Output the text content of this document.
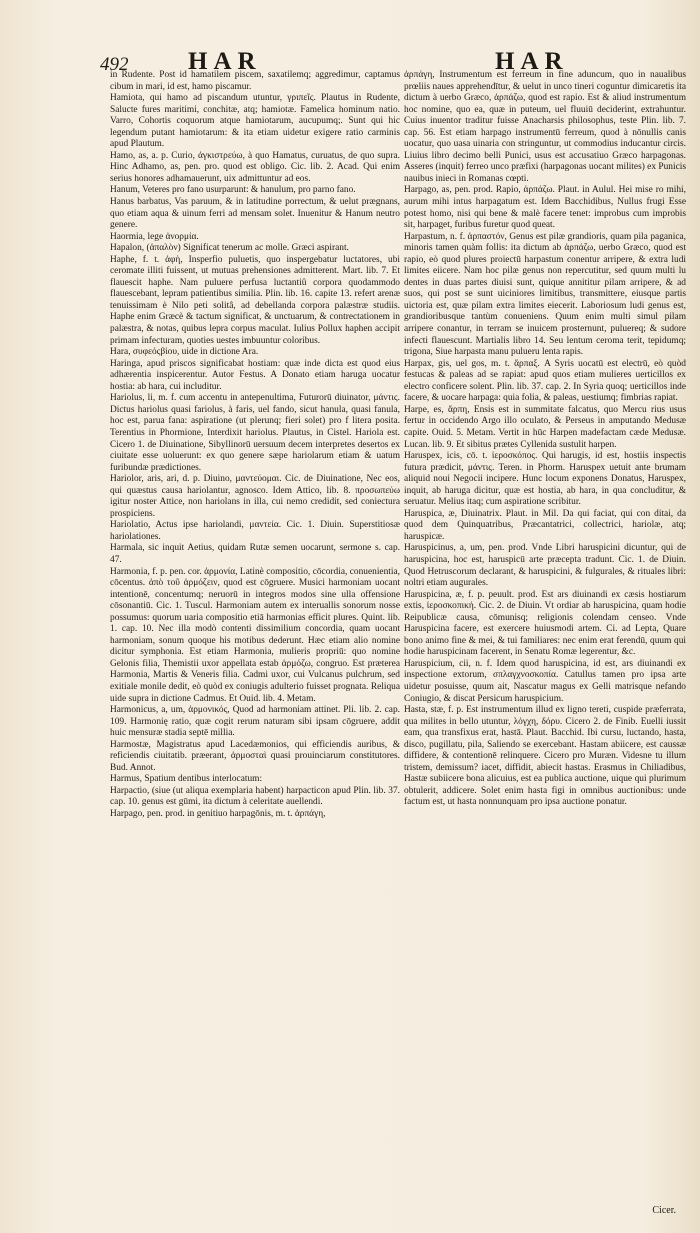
492 HAR	HAR

in Rudente. Post id hamatilem piscem, saxatilemq; aggredimur, captamus cibum in mari, id est, hamo piscamur.

Hamiota, qui hamo ad piscandum utuntur, γριπεῖς. Plautus in Rudente, Salucte fures maritimi, conchitæ, atq; hamiotæ. Famelica hominum natio. Varro, Cohortis coquorum atque hamiotarum, aucupumq;. Sunt qui hic legendum putant hamiotarum: & ita etiam uidetur exigere ratio carminis apud Plautum.

Hamo, as, a. p. Curio, ἀγκιστρεύω, à quo Hamatus, curuatus, de quo supra. Hinc Adhamo, as, pen. pro. quod est obligo. Cic. lib. 2. Acad. Qui enim serius honores adhamauerunt, uix admittuntur ad eos.

Hanum, Veteres pro fano usurparunt: & hanulum, pro parno fano.

Hanus barbatus, Vas paruum, & in latitudine porrectum, & uelut prægnans, quo etiam aqua & uinum ferri ad mensam solet. Inuenitur & Hanum neutro genere.

Haormia, lege ἀνορμία.

Hapalon, (ἁπαλὸν) Significat tenerum ac molle. Græci aspirant.

Haphe, f. t. ἁφὴ, Insperfio puluetis, quo inspergebatur luctatores, ubi ceromate illiti fuissent, ut mutuas prehensiones admitterent. Mart. lib. 7. Et flauescit haphe. Nam puluere perfusa luctantiû corpora quodammodo flauescebant, lepram patientibus similia. Plin. lib. 16. capite 13. refert arenæ tenuissimam è Nilo peti solitâ, ad debellanda corpora palæstræ studiis. Haphe enim Græcè & tactum significat, & unctuarum, & contrectationem in palæstra, & notas, quibus lepra corpus maculat. Iulius Pollux haphen accipit primam infecturam, quoties uestes imbuuntur coloribus.

Hara, συφεόςβίου, uide in dictione Ara.

Haringa, apud priscos significabat hostiam: quæ inde dicta est quod eius adhærentia inspicerentur. Autor Festus. A Donato etiam haruga uocatur hostia: ab hara, cui includitur.

Hariolus, li, m. f. cum accentu in antepenultima, Futurorū diuinator, μάντις. Dictus hariolus quasi fariolus, à faris, uel fando, sicut hanula, quasi fanula, hoc est, parua fana: aspiratione (ut plerunq; fieri solet) pro f litera posita. Terentius in Phormione, Interdixit hariolus. Plautus, in Cistel. Hariola est. Cicero 1. de Diuinatione, Sibyllinorū uersuum decem interpretes desertos ex ciuitate esse uoluerunt: ex quo genere sæpe hariolarum etiam & uatum furibundæ prædictiones.

Hariolor, aris, ari, d. p. Diuino, μαντεύομαι. Cic. de Diuinatione, Nec eos, qui quæstus causa hariolantur, agnosco. Idem Attico, lib. 8. προσωπεύω igitur noster Attice, non hariolans in illa, cui nemo credidit, sed coniectura prospiciens.

Hariolatio, Actus ipse hariolandi, μαντεία. Cic. 1. Diuin. Superstitiosæ hariolationes.

Harmala, sic inquit Aetius, quidam Rutæ semen uocarunt, sermone s. cap. 47.

Harmonia, f. p. pen. cor. ἁρμονία, Latinè compositio, cōcordia, conuenientia, cōcentus. ἀπὸ τοῦ ἁρμόζειν, quod est cōgruere. Musici harmoniam uocant intentionē, concentumq; neruorū in integros modos sine ulla offensione cōsonantiū. Cic. 1. Tuscul. Harmoniam autem ex interuallis sonorum nosse possumus: quorum uaria compositio etiā harmonias efficit plures. Quint. lib. 1. cap. 10. Nec illa modò contenti dissimilium concordia, quam uocant harmoniam, sonum quoque his motibus dederunt. Hæc etiam alio nomine dicitur symphonia. Est etiam Harmonia, mulieris propriū: quo nomine Gelonis filia, Themistii uxor appellata estab ἁρμόζω, congruo. Est præterea Harmonia, Martis & Veneris filia. Cadmi uxor, cui Vulcanus pulchrum, sed exitiale monile dedit, eò quòd ex coniugis adulterio fuisset prognata. Reliqua uide supra in dictione Cadmus. Et Ouid. lib. 4. Metam.

Harmonicus, a, um, ἁρμονικός, Quod ad harmoniam attinet. Pli. lib. 2. cap. 109. Harmonię ratio, quæ cogit rerum naturam sibi ipsam cōgruere, addit huic mensuræ stadia septē millia.

Harmostæ, Magistratus apud Lacedæmonios, qui efficiendis auribus, & reficiendis ciuitatib. præerant, ἁρμοσταὶ quasi prouinciarum constitutores. Bud. Annot.

Harmus, Spatium dentibus interlocatum:

Harpactio, (siue (ut aliqua exemplaria habent) harpacticon apud Plin. lib. 37. cap. 10. genus est gūmi, ita dictum à celeritate auellendi.

Harpago, pen. prod. in genitiuo harpagōnis, m. t. ἁρπάγη,

ἁρπάγη, Instrumentum est ferreum in fine aduncum, quo in naualibus prœliis naues apprehendītur, & uelut in unco tineri coguntur dimicaretis ita dictum à uerbo Græco, ἁρπάζω, quod est rapio. Est & aliud instrumentum hoc nomine, quo ea, quæ in puteum, uel fluuiū deciderint, extrahuntur. Cuius inuentor traditur fuisse Anacharsis philosophus, teste Plin. lib. 7. cap. 56. Est etiam harpago instrumentū ferreum, quod à nōnullis canis uocatur, quo uasa uinaria con stringuntur, ut commodius inducantur circis. Liuius libro decimo belli Punici, usus est accusatiuo Græco harpagonas. Asseres (inquit) ferreo unco præfixi (harpagonas uocant milites) ex Punicis nauibus inieci in Romanas cœpti.

Harpago, as, pen. prod. Rapio, ἁρπάζω. Plaut. in Aulul. Hei mise ro mihi, aurum mihi intus harpagatum est. Idem Bacchidibus, Nullus frugi Esse potest homo, nisi qui bene & malè facere tenet: improbus cum improbis sit, harpaget, furibus furetur quod queat.

Harpastum, n. f. ἁρπαστόν, Genus est pilæ grandioris, quam pila paganica, minoris tamen quàm follis: ita dictum ab ἁρπάζω, uerbo Græco, quod est rapio, eò quod plures proiectū harpastum conentur arripere, & extra ludi limites eiicere. Nam hoc pilæ genus non repercutitur, sed quum multi lu dentes in duas partes diuisi sunt, quique annititur pilam arripere, & ad suos, qui post se sunt uiciniores limitibus, transmittere, eiusque partis uictoria est, quæ pilam extra limites eiecerit. Laboriosum ludi genus est, grandioribusque tantùm conueniens. Quum enim multi simul pilam arripere conantur, in terram se inuicem prosternunt, puluereq; & sudore infecti flauescunt. Martialis libro 14. Seu lentum ceroma terit, tepidumq; trigona, Siue harpasta manu pulueru lenta rapis.

Harpax, gis, uel gos, m. t. ἅρπαξ. A Syris uocatū est electrū, eò quòd festucas & paleas ad se rapiat: apud quos etiam mulieres uerticillos ex electro conficere solent. Plin. lib. 37. cap. 2. In Syria quoq; uerticillos inde facere, & uocare harpaga: quia folia, & paleas, uestiumq; fimbrias rapiat.

Harpe, es, ἅρπη, Ensis est in summitate falcatus, quo Mercu rius usus fertur in occidendo Argo illo oculato, & Perseus in amputando Medusæ capite. Ouid. 5. Metam. Vertit in hūc Harpen madefactam cæde Medusæ. Lucan. lib. 9. Et sibitus prætes Cyllenida sustulit harpen.

Haruspex, icis, cō. t. ἱεροσκόπος. Qui harugis, id est, hostiis inspectis futura prædicit, μάντις. Teren. in Phorm. Haruspex uetuit ante brumam aliquid noui Negocii incipere. Hunc locum exponens Donatus, Haruspex, inquit, ab haruga dicitur, quæ est hostia, ab hara, in qua concluditur, & seruatur. Melius itaq; cum aspiratione scribitur.

Haruspica, æ, Diuinatrix. Plaut. in Mil. Da qui faciat, qui con ditai, da quod dem Quinquatribus, Præcantatrici, collectrici, hariolæ, atq; haruspicæ.

Haruspicinus, a, um, pen. prod. Vnde Libri haruspicini dicuntur, qui de haruspicina, hoc est, haruspicū arte præcepta tradunt. Cic. 1. de Diuin. Quod Hetruscorum declarant, & haruspicini, & fulgurales, & rituales libri: noltri etiam augurales.

Haruspicina, æ, f. p. peuult. prod. Est ars diuinandi ex cæsis hostiarum extis, ἱεροσκοπική. Cic. 2. de Diuin. Vt ordiar ab haruspicina, quam hodie Reipublicæ causa, cōmunisq; religionis colendam censeo. Vnde Haruspicina facere, est exercere huiusmodi artem. Ci. ad Lepta, Quare bono animo fine & mei, & tui familiares: nec enim erat ferendū, quum qui hodie haruspicinam facerent, in Senatu Romæ legerentur, &c.

Haruspicium, cii, n. f. Idem quod haruspicina, id est, ars diuinandi ex inspectione extorum, σπλαγχνοσκοπία. Catullus tamen pro ipsa arte uidetur posuisse, quum ait, Nascatur magus ex Gelli matrisque nefando Coniugio, & discat Persicum haruspicium.

Hasta, stæ, f. p. Est instrumentum illud ex ligno tereti, cuspide præferrata, qua milites in bello utuntur, λόγχη, δόρυ. Cicero 2. de Finib. Euelli iussit eam, qua transfixus erat, hastā. Plaut. Bacchid. Ibi cursu, luctando, hasta, disco, pugillatu, pila, Saliendo se exercebant. Hastam abiicere, est caussæ diffidere, & contentionē relinquere. Cicero pro Muræn. Videsne tu illum tristem, demissum? iacet, diffidit, abiecit hastas. Erasmus in Chiliadibus, Hastæ subiicere bona alicuius, est ea publica auctione, uique qui plurimum obtulerit, addicere. Solet enim hasta figi in omnibus auctionibus: unde factum est, ut hasta nonnunquam pro ipsa auctione ponatur.

Cicer.
